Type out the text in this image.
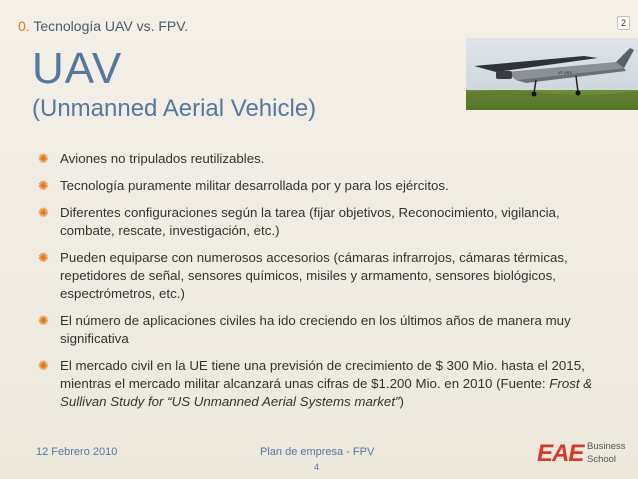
0. Tecnología UAV vs. FPV.	2
UAV
(Unmanned Aerial Vehicle)
VT.USV
✺ Aviones no tripulados reutilizables.
✺ Tecnología puramente militar desarrollada por y para los ejércitos.
✺ Diferentes configuraciones según la tarea (fijar objetivos, Reconocimiento, vigilancia, combate, rescate, investigación, etc.)
✺ Pueden equiparse con numerosos accesorios (cámaras infrarrojos, cámaras térmicas, repetidores de señal, sensores químicos, misiles y armamento, sensores biológicos, espectrómetros, etc.)
✺ El número de aplicaciones civiles ha ido creciendo en los últimos años de manera muy significativa
✺ El mercado civil en la UE tiene una previsión de crecimiento de $ 300 Mio. hasta el 2015, mientras el mercado militar alcanzará unas cifras de $1.200 Mio. en 2010 (Fuente: Frost & Sullivan Study for “US Unmanned Aerial Systems market”)
12 Febrero 2010	Plan de empresa - FPV
4	EAE Business
School
